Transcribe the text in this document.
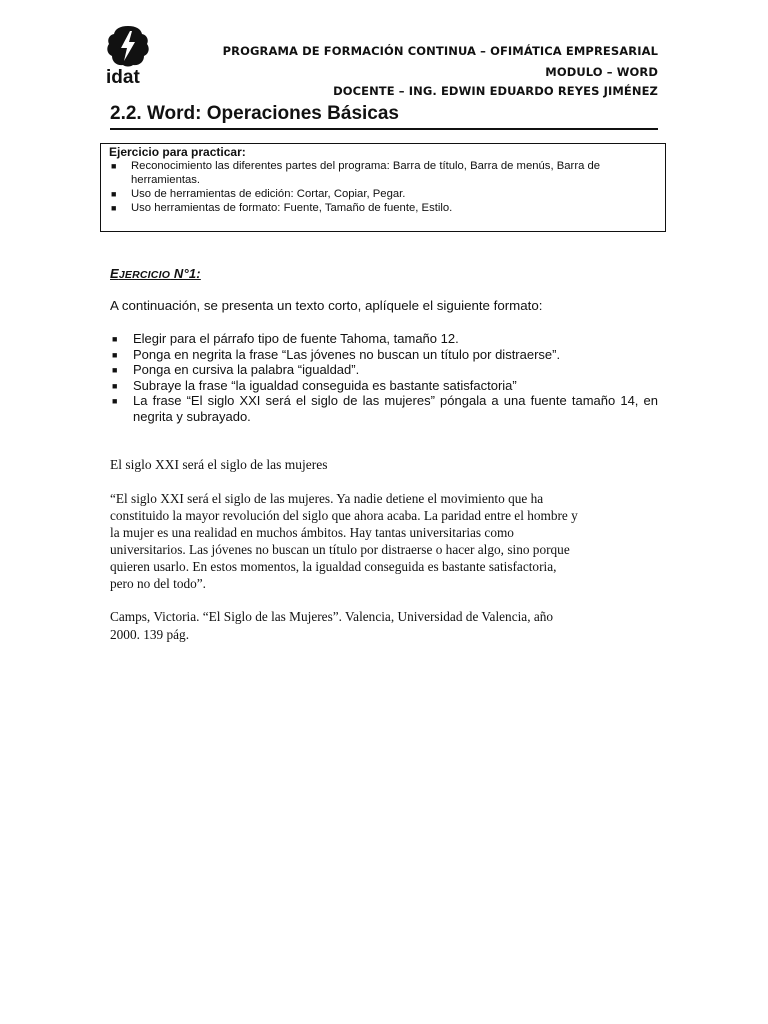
idat
PROGRAMA DE FORMACIÓN CONTINUA – OFIMÁTICA EMPRESARIAL
MODULO – WORD
DOCENTE – ING. EDWIN EDUARDO REYES JIMÉNEZ
2.2. Word: Operaciones Básicas
Ejercicio para practicar:
■ Reconocimiento las diferentes partes del programa: Barra de título, Barra de menús, Barra de herramientas.
■ Uso de herramientas de edición: Cortar, Copiar, Pegar.
■ Uso herramientas de formato: Fuente, Tamaño de fuente, Estilo.
EJERCICIO N°1:
A continuación, se presenta un texto corto, aplíquele el siguiente formato:
■ Elegir para el párrafo tipo de fuente Tahoma, tamaño 12.
■ Ponga en negrita la frase “Las jóvenes no buscan un título por distraerse”.
■ Ponga en cursiva la palabra “igualdad”.
■ Subraye la frase “la igualdad conseguida es bastante satisfactoria”
■ La frase “El siglo XXI será el siglo de las mujeres” póngala a una fuente tamaño 14, en negrita y subrayado.
El siglo XXI será el siglo de las mujeres
“El siglo XXI será el siglo de las mujeres. Ya nadie detiene el movimiento que ha
constituido la mayor revolución del siglo que ahora acaba. La paridad entre el hombre y
la mujer es una realidad en muchos ámbitos. Hay tantas universitarias como
universitarios. Las jóvenes no buscan un título por distraerse o hacer algo, sino porque
quieren usarlo. En estos momentos, la igualdad conseguida es bastante satisfactoria,
pero no del todo”.
Camps, Victoria. “El Siglo de las Mujeres”. Valencia, Universidad de Valencia, año
2000. 139 pág.
